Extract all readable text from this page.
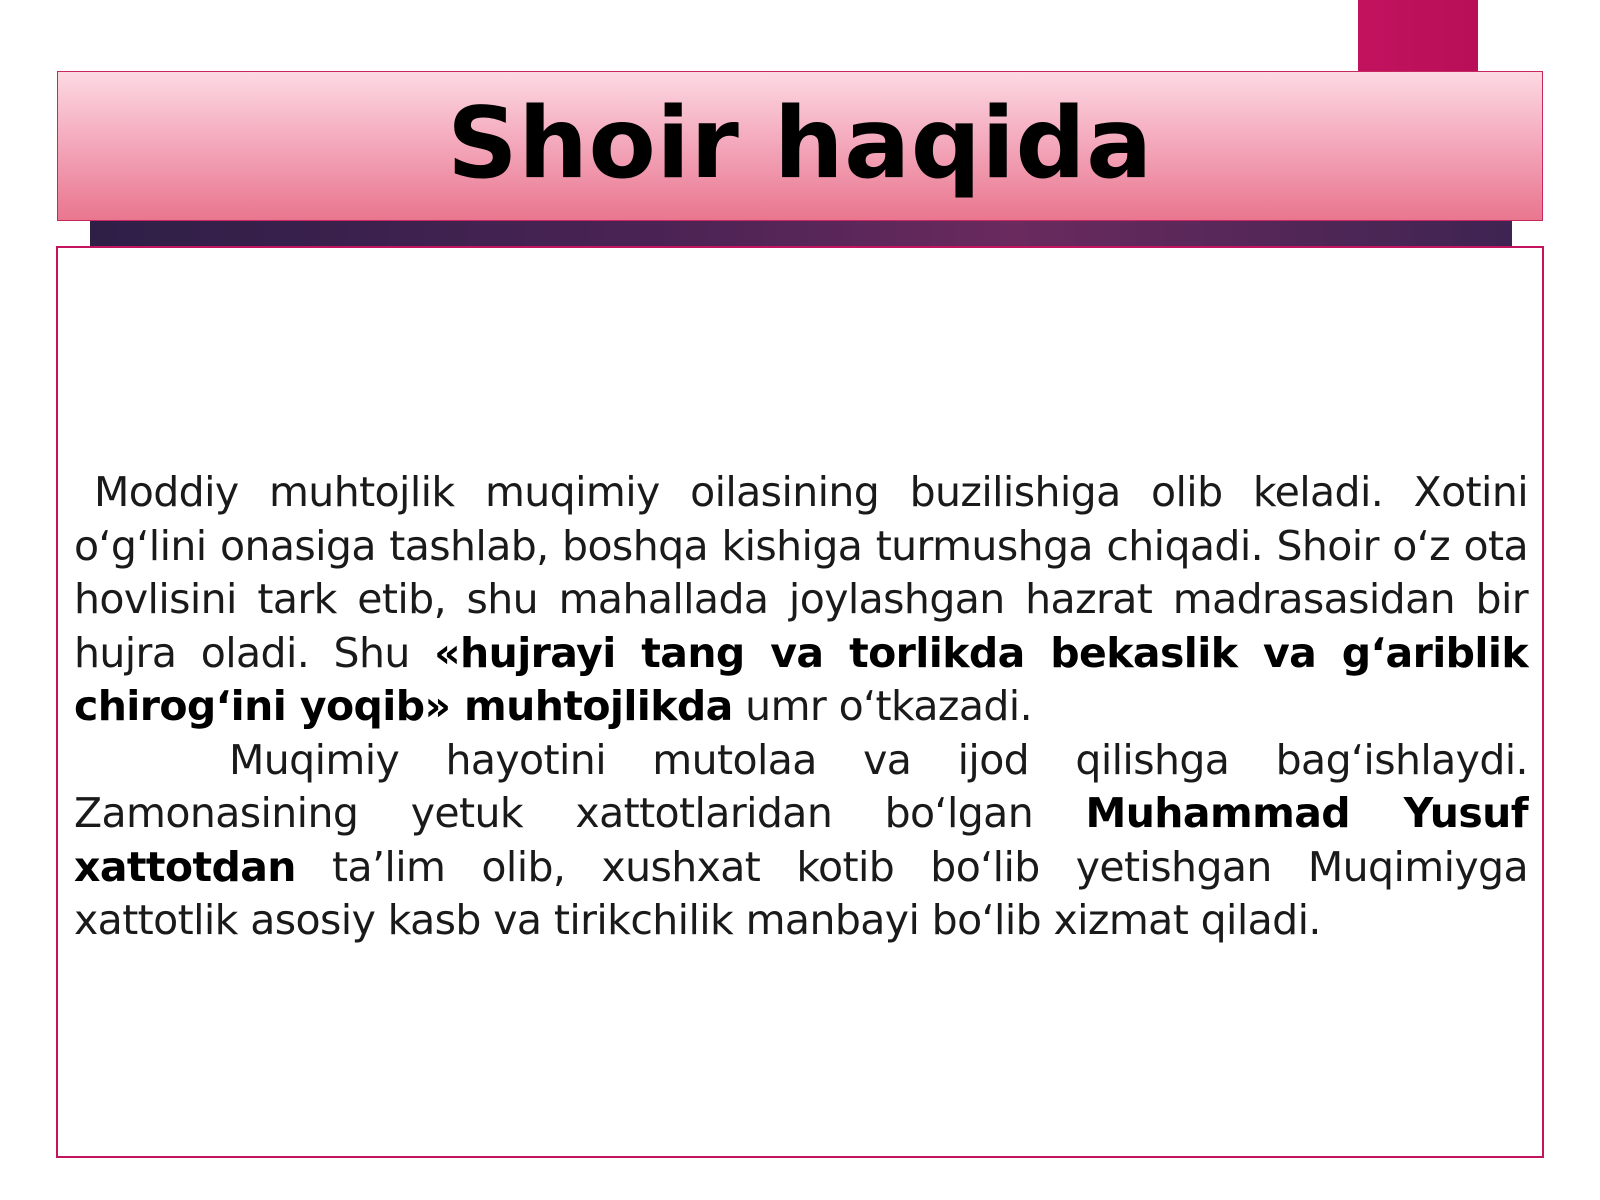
Shoir haqida

Moddiy muhtojlik muqimiy oilasining buzilishiga olib keladi. Xotini o‘g‘lini onasiga tashlab, boshqa kishiga turmushga chiqadi. Shoir o‘z ota hovlisini tark etib, shu mahallada joylashgan hazrat madrasasidan bir hujra oladi. Shu «hujrayi tang va torlikda bekaslik va g‘ariblik chirog‘ini yoqib» muhtojlikda umr o‘tkazadi.

Muqimiy hayotini mutolaa va ijod qilishga bag‘ishlaydi. Zamonasining yetuk xattotlaridan bo‘lgan Muhammad Yusuf xattotdan ta’lim olib, xushxat kotib bo‘lib yetishgan Muqimiyga xattotlik asosiy kasb va tirikchilik manbayi bo‘lib xizmat qiladi.
